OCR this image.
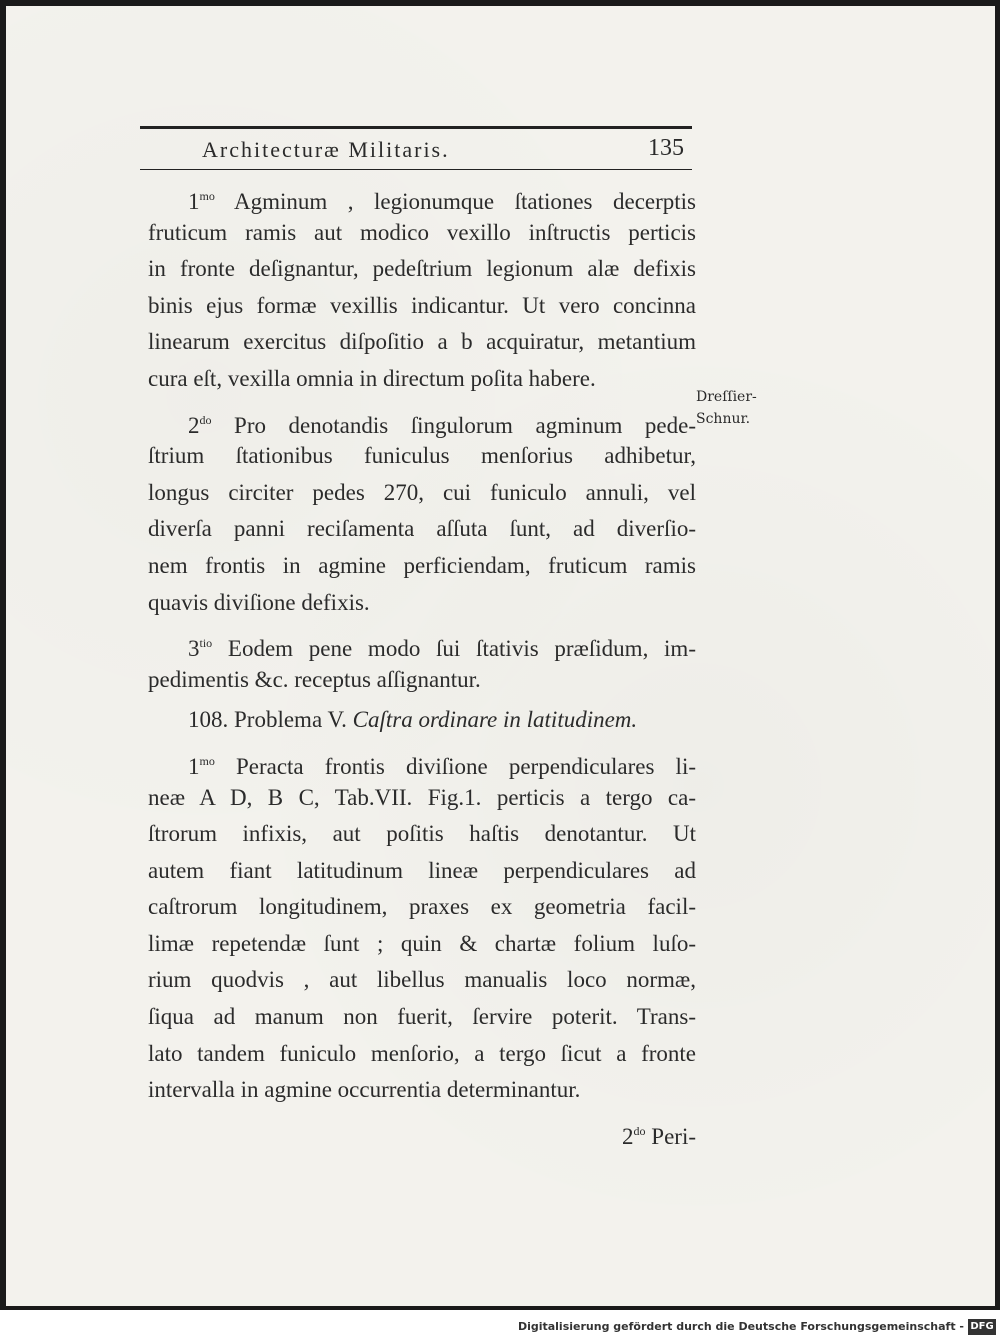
Architecturæ Militaris.	135
$1^{mo}$ Agminum , legionumque ſtationes decerptis
fruticum ramis aut modico vexillo inſtructis perticis
in fronte deſignantur, pedeſtrium legionum alæ defixis
binis ejus formæ vexillis indicantur. Ut vero concinna
linearum exercitus diſpoſitio a b acquiratur, metantium
cura eſt, vexilla omnia in directum poſita habere.
$2^{do}$ Pro denotandis ſingulorum agminum pede-
ſtrium ſtationibus funiculus menſorius adhibetur,
longus circiter pedes 270, cui funiculo annuli, vel
diverſa panni reciſamenta aſſuta ſunt, ad diverſio-
nem frontis in agmine perficiendam, fruticum ramis
quavis diviſione defixis.
$3^{tio}$ Eodem pene modo ſui ſtativis præſidum, im-
pedimentis &c. receptus aſſignantur.
108. Problema V. Caſtra ordinare in latitudinem.
$1^{mo}$ Peracta frontis diviſione perpendiculares li-
neæ A D, B C, Tab.VII. Fig.1. perticis a tergo ca-
ſtrorum infixis, aut poſitis haſtis denotantur. Ut
autem fiant latitudinum lineæ perpendiculares ad
caſtrorum longitudinem, praxes ex geometria facil-
limæ repetendæ ſunt ; quin & chartæ folium luſo-
rium quodvis , aut libellus manualis loco normæ,
ſiqua ad manum non fuerit, ſervire poterit. Trans-
lato tandem funiculo menſorio, a tergo ſicut a fronte
intervalla in agmine occurrentia determinantur.
$2^{do}$ Peri-
Dreſſier-
Schnur.
Digitalisierung gefördert durch die Deutsche Forschungsgemeinschaft - DFG
